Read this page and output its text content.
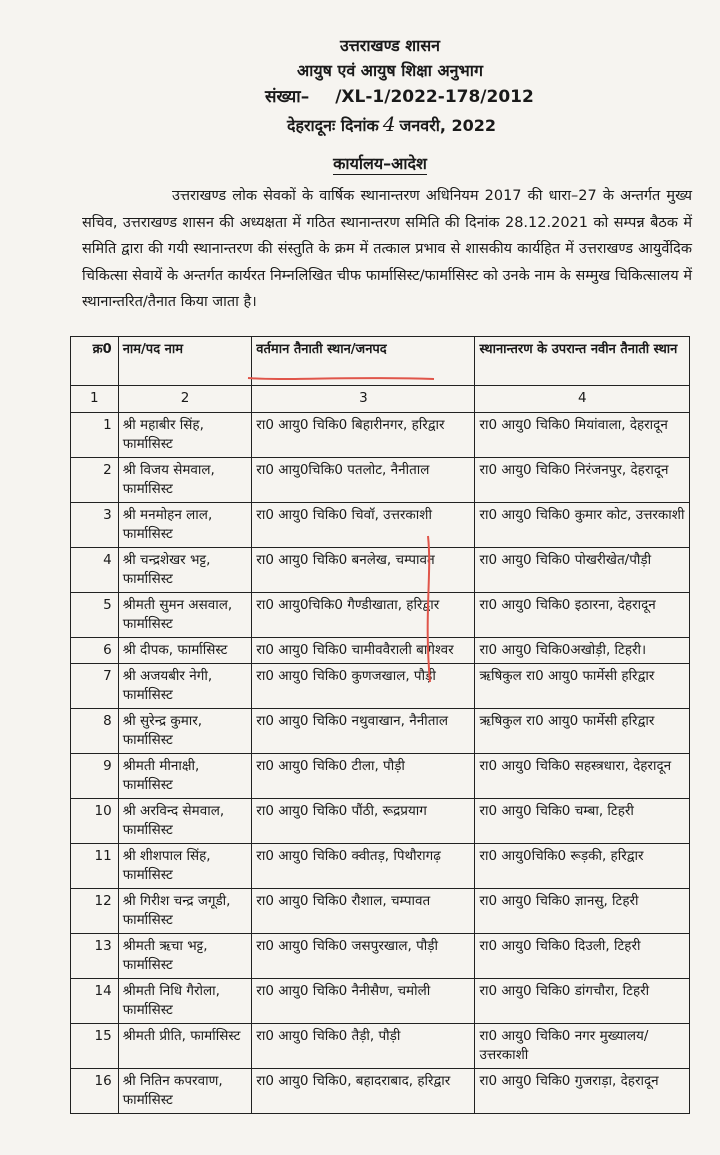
उत्तराखण्ड शासन
आयुष एवं आयुष शिक्षा अनुभाग
संख्या– /XL-1/2022-178/2012
देहरादूनः दिनांक 4 जनवरी, 2022
कार्यालय–आदेश
उत्तराखण्ड लोक सेवकों के वार्षिक स्थानान्तरण अधिनियम 2017 की धारा–27 के अन्तर्गत मुख्य सचिव, उत्तराखण्ड शासन की अध्यक्षता में गठित स्थानान्तरण समिति की दिनांक 28.12.2021 को सम्पन्न बैठक में समिति द्वारा की गयी स्थानान्तरण की संस्तुति के क्रम में तत्काल प्रभाव से शासकीय कार्यहित में उत्तराखण्ड आयुर्वेदिक चिकित्सा सेवायें के अन्तर्गत कार्यरत निम्नलिखित चीफ फार्मासिस्ट/फार्मासिस्ट को उनके नाम के सम्मुख चिकित्सालय में स्थानान्तरित/तैनात किया जाता है।
क्र0	नाम/पद नाम	वर्तमान तैनाती स्थान/जनपद	स्थानान्तरण के उपरान्त नवीन तैनाती स्थान
1	2	3	4
1	श्री महाबीर सिंह, फार्मासिस्ट	रा0 आयु0 चिकि0 बिहारीनगर, हरिद्वार	रा0 आयु0 चिकि0 मियांवाला, देहरादून
2	श्री विजय सेमवाल, फार्मासिस्ट	रा0 आयु0चिकि0 पतलोट, नैनीताल	रा0 आयु0 चिकि0 निरंजनपुर, देहरादून
3	श्री मनमोहन लाल, फार्मासिस्ट	रा0 आयु0 चिकि0 चिवॉ, उत्तरकाशी	रा0 आयु0 चिकि0 कुमार कोट, उत्तरकाशी
4	श्री चन्द्रशेखर भट्ट, फार्मासिस्ट	रा0 आयु0 चिकि0 बनलेख, चम्पावत	रा0 आयु0 चिकि0 पोखरीखेत/पौड़ी
5	श्रीमती सुमन असवाल, फार्मासिस्ट	रा0 आयु0चिकि0 गैण्डीखाता, हरिद्वार	रा0 आयु0 चिकि0 इठारना, देहरादून
6	श्री दीपक, फार्मासिस्ट	रा0 आयु0 चिकि0 चामीववैराली बागेश्वर	रा0 आयु0 चिकि0अखोड़ी, टिहरी।
7	श्री अजयबीर नेगी, फार्मासिस्ट	रा0 आयु0 चिकि0 कुणजखाल, पौड़ी	ऋषिकुल रा0 आयु0 फार्मेसी हरिद्वार
8	श्री सुरेन्द्र कुमार, फार्मासिस्ट	रा0 आयु0 चिकि0 नथुवाखान, नैनीताल	ऋषिकुल रा0 आयु0 फार्मेसी हरिद्वार
9	श्रीमती मीनाक्षी, फार्मासिस्ट	रा0 आयु0 चिकि0 टीला, पौड़ी	रा0 आयु0 चिकि0 सहस्त्रधारा, देहरादून
10	श्री अरविन्द सेमवाल, फार्मासिस्ट	रा0 आयु0 चिकि0 पौंठी, रूद्रप्रयाग	रा0 आयु0 चिकि0 चम्बा, टिहरी
11	श्री शीशपाल सिंह, फार्मासिस्ट	रा0 आयु0 चिकि0 क्वीतड़, पिथौरागढ़	रा0 आयु0चिकि0 रूड़की, हरिद्वार
12	श्री गिरीश चन्द्र जगूडी, फार्मासिस्ट	रा0 आयु0 चिकि0 रौशाल, चम्पावत	रा0 आयु0 चिकि0 ज्ञानसु, टिहरी
13	श्रीमती ऋचा भट्ट, फार्मासिस्ट	रा0 आयु0 चिकि0 जसपुरखाल, पौड़ी	रा0 आयु0 चिकि0 दिउली, टिहरी
14	श्रीमती निधि गैरोला, फार्मासिस्ट	रा0 आयु0 चिकि0 नैनीसैण, चमोली	रा0 आयु0 चिकि0 डांगचौरा, टिहरी
15	श्रीमती प्रीति, फार्मासिस्ट	रा0 आयु0 चिकि0 तैड़ी, पौड़ी	रा0 आयु0 चिकि0 नगर मुख्यालय/उत्तरकाशी
16	श्री नितिन कपरवाण, फार्मासिस्ट	रा0 आयु0 चिकि0, बहादराबाद, हरिद्वार	रा0 आयु0 चिकि0 गुजराड़ा, देहरादून
